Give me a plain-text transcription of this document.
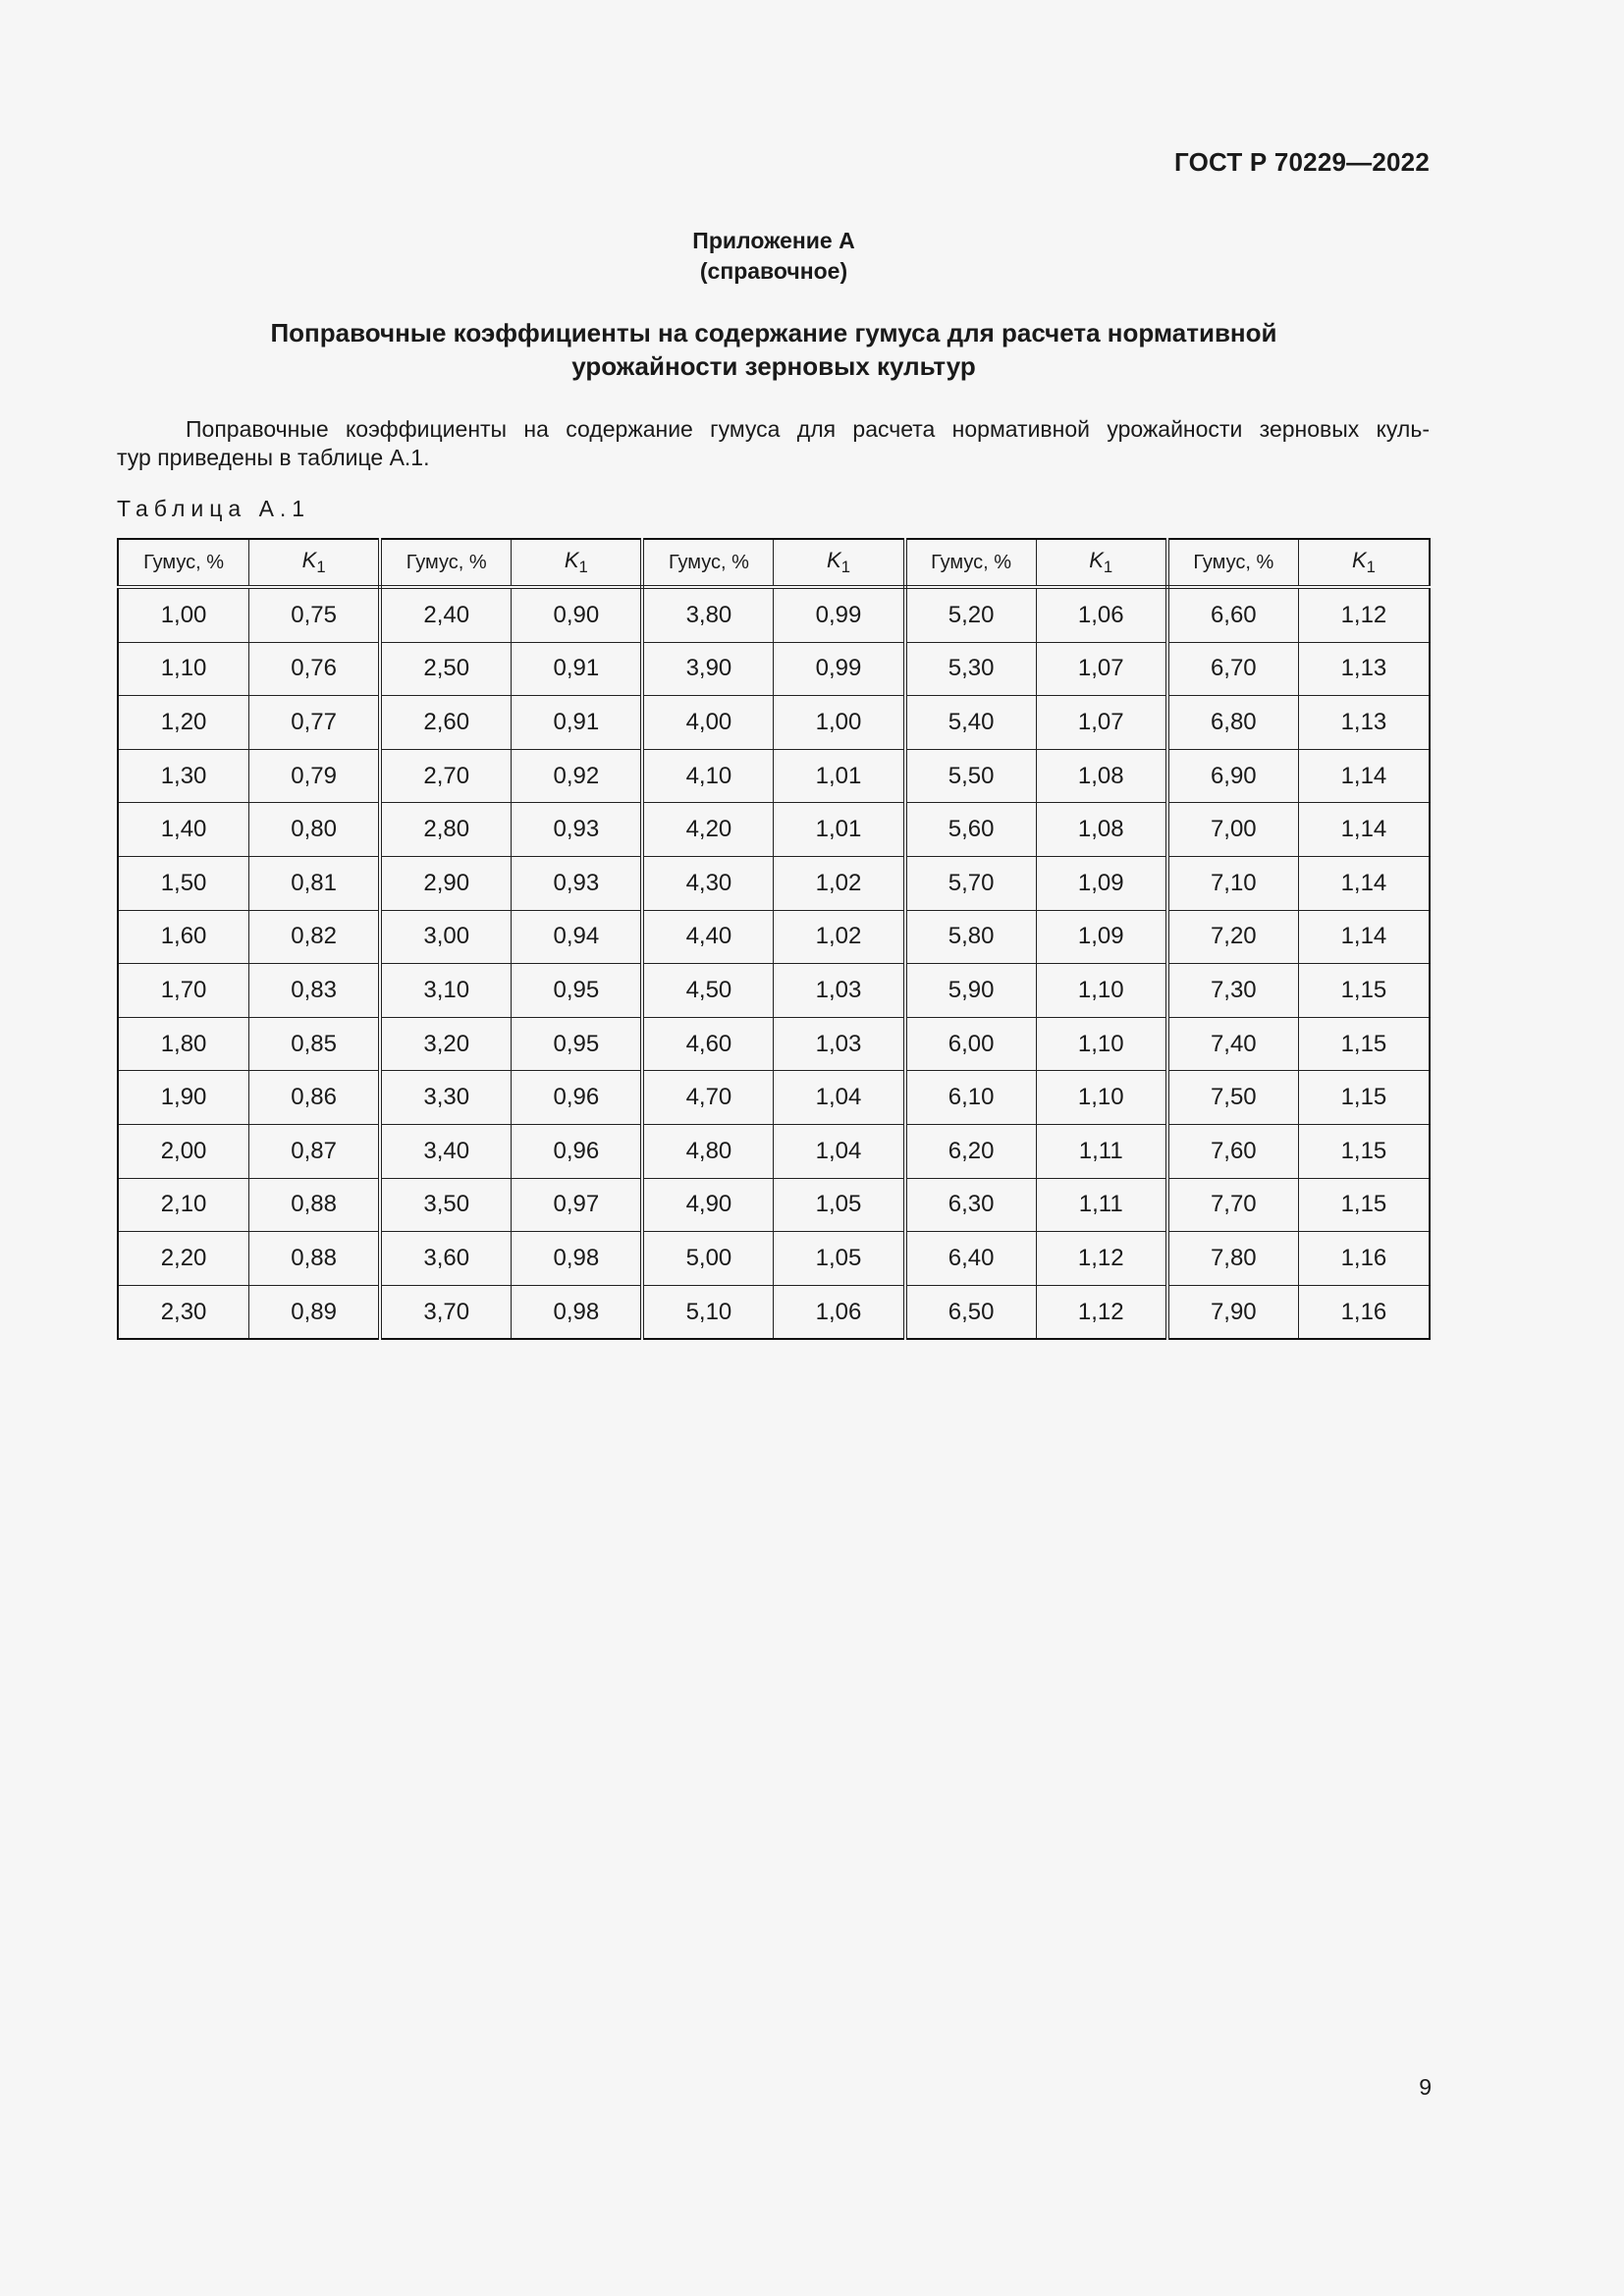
ГОСТ Р 70229—2022
Приложение А
(справочное)
Поправочные коэффициенты на содержание гумуса для расчета нормативной
урожайности зерновых культур
Поправочные коэффициенты на содержание гумуса для расчета нормативной урожайности зерновых куль-
тур приведены в таблице А.1.
Таблица А.1
Гумус, %	$K_1$	Гумус, %	$K_1$	Гумус, %	$K_1$	Гумус, %	$K_1$	Гумус, %	$K_1$
1,00	0,75	2,40	0,90	3,80	0,99	5,20	1,06	6,60	1,12
1,10	0,76	2,50	0,91	3,90	0,99	5,30	1,07	6,70	1,13
1,20	0,77	2,60	0,91	4,00	1,00	5,40	1,07	6,80	1,13
1,30	0,79	2,70	0,92	4,10	1,01	5,50	1,08	6,90	1,14
1,40	0,80	2,80	0,93	4,20	1,01	5,60	1,08	7,00	1,14
1,50	0,81	2,90	0,93	4,30	1,02	5,70	1,09	7,10	1,14
1,60	0,82	3,00	0,94	4,40	1,02	5,80	1,09	7,20	1,14
1,70	0,83	3,10	0,95	4,50	1,03	5,90	1,10	7,30	1,15
1,80	0,85	3,20	0,95	4,60	1,03	6,00	1,10	7,40	1,15
1,90	0,86	3,30	0,96	4,70	1,04	6,10	1,10	7,50	1,15
2,00	0,87	3,40	0,96	4,80	1,04	6,20	1,11	7,60	1,15
2,10	0,88	3,50	0,97	4,90	1,05	6,30	1,11	7,70	1,15
2,20	0,88	3,60	0,98	5,00	1,05	6,40	1,12	7,80	1,16
2,30	0,89	3,70	0,98	5,10	1,06	6,50	1,12	7,90	1,16
9
